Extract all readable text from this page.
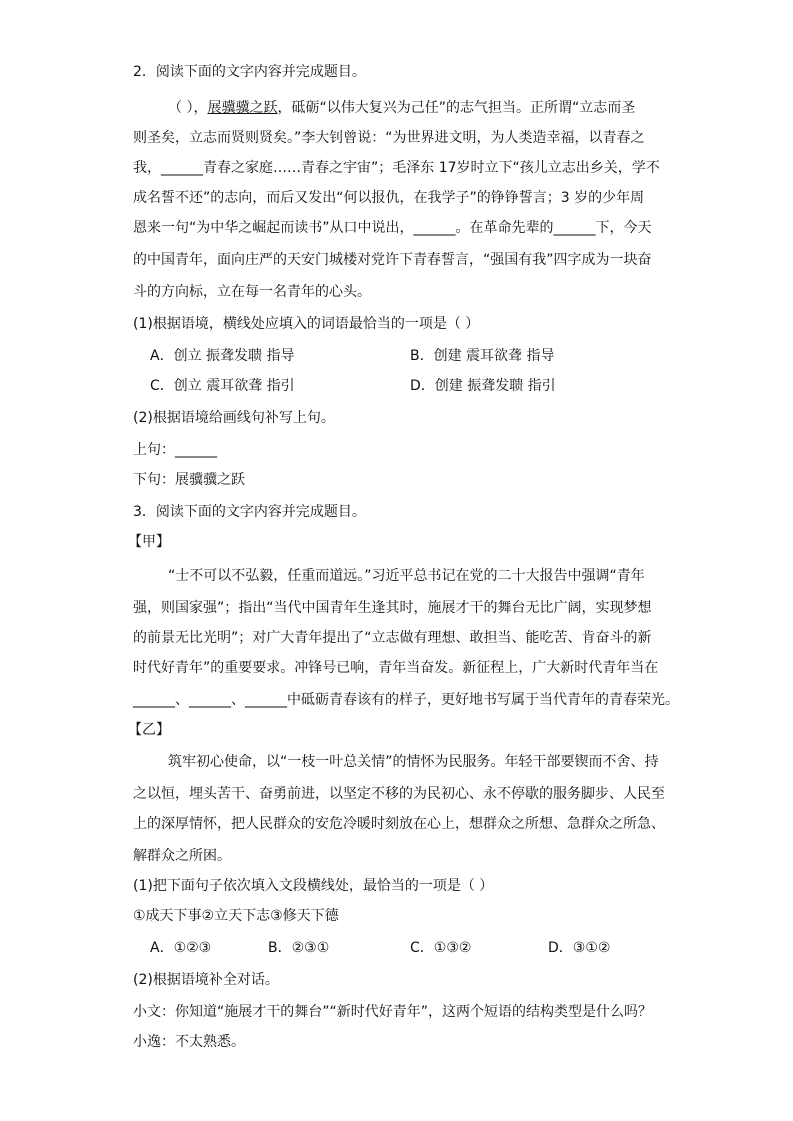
2．阅读下面的文字内容并完成题目。
（ ），展骥骥之跃，砥砺“以伟大复兴为己任”的志气担当。正所谓“立志而圣
则圣矣，立志而贤则贤矣。”李大钊曾说：“为世界进文明，为人类造幸福，以青春之
我，______青春之家庭……青春之宇宙”；毛泽东 17岁时立下“孩儿立志出乡关，学不
成名誓不还”的志向，而后又发出“何以报仇，在我学子”的铮铮誓言；3 岁的少年周
恩来一句“为中华之崛起而读书”从口中说出，______。在革命先辈的______下，今天
的中国青年，面向庄严的天安门城楼对党许下青春誓言，“强国有我”四字成为一块奋
斗的方向标，立在每一名青年的心头。
(1)根据语境，横线处应填入的词语最恰当的一项是（ ）
A．创立 振聋发聩 指导	B．创建 震耳欲聋 指导
C．创立 震耳欲聋 指引	D．创建 振聋发聩 指引
(2)根据语境给画线句补写上句。
上句：______
下句：展骥骥之跃
3．阅读下面的文字内容并完成题目。
【甲】
“士不可以不弘毅，任重而道远。”习近平总书记在党的二十大报告中强调“青年
强，则国家强”；指出“当代中国青年生逢其时，施展才干的舞台无比广阔，实现梦想
的前景无比光明”；对广大青年提出了“立志做有理想、敢担当、能吃苦、肯奋斗的新
时代好青年”的重要要求。冲锋号已响，青年当奋发。新征程上，广大新时代青年当在
______、______、______中砥砺青春该有的样子，更好地书写属于当代青年的青春荣光。
【乙】
筑牢初心使命，以“一枝一叶总关情”的情怀为民服务。年轻干部要锲而不舍、持
之以恒，埋头苦干、奋勇前进，以坚定不移的为民初心、永不停歇的服务脚步、人民至
上的深厚情怀，把人民群众的安危冷暖时刻放在心上，想群众之所想、急群众之所急、
解群众之所困。
(1)把下面句子依次填入文段横线处，最恰当的一项是（ ）
①成天下事②立天下志③修天下德
A．①②③	B．②③①	C．①③②	D．③①②
(2)根据语境补全对话。
小文：你知道“施展才干的舞台”“新时代好青年”，这两个短语的结构类型是什么吗？
小逸：不太熟悉。
